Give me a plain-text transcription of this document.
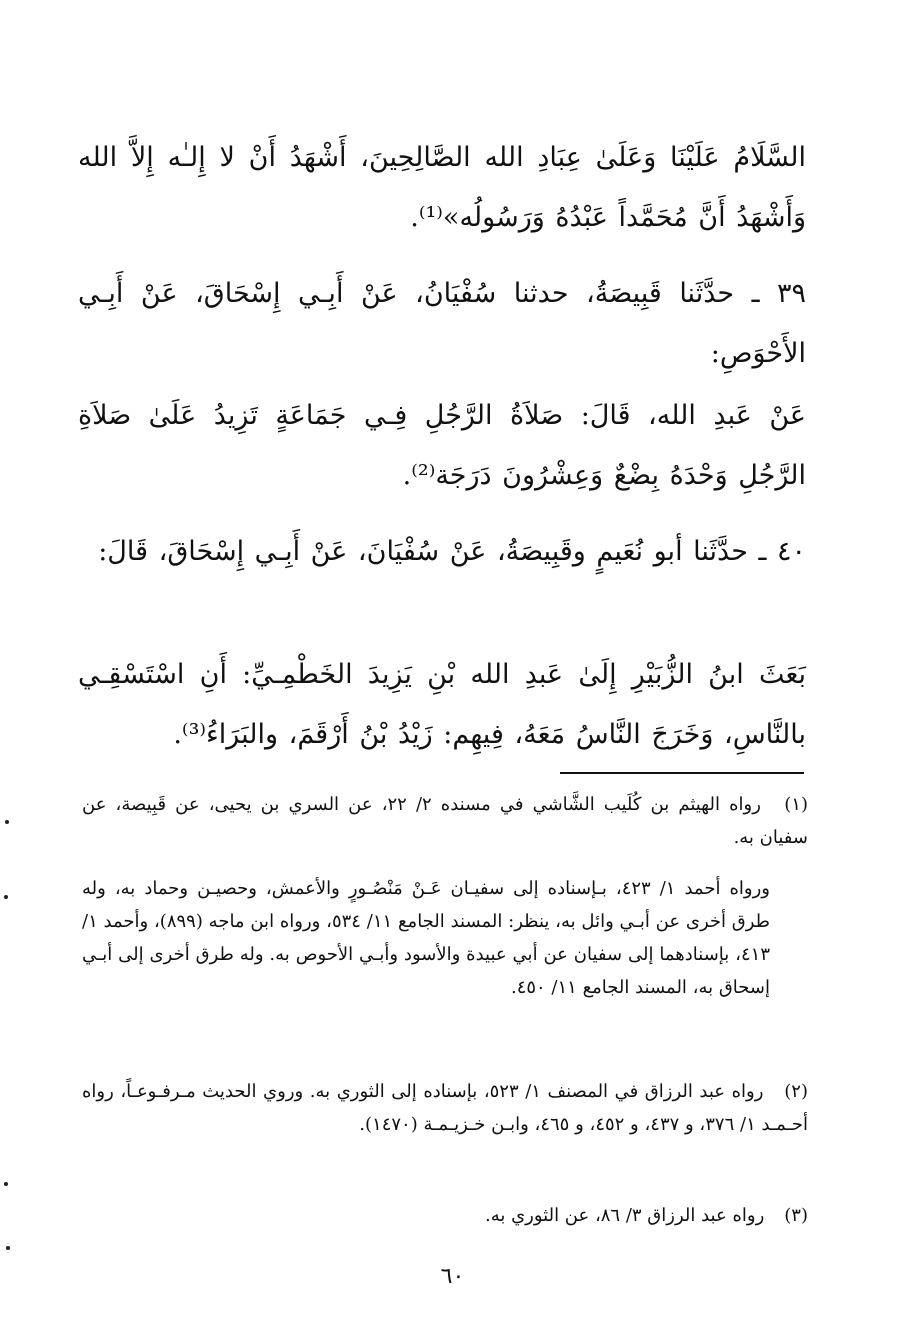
السَّلَامُ عَلَيْنَا وَعَلَىٰ عِبَادِ الله الصَّالِحِينَ، أَشْهَدُ أَنْ لا إِلـٰه إِلاَّ الله وَأَشْهَدُ أَنَّ مُحَمَّداً عَبْدُهُ وَرَسُولُه»⁽¹⁾.
٣٩ ـ حدَّثَنا قَبِيصَةُ، حدثنا سُفْيَانُ، عَنْ أَبِـي إِسْحَاقَ، عَنْ أَبِـي الأَحْوَصِ:
عَنْ عَبدِ الله، قَالَ: صَلاَةُ الرَّجُلِ فِـي جَمَاعَةٍ تَزِيدُ عَلَىٰ صَلاَةِ الرَّجُلِ وَحْدَهُ بِضْعٌ وَعِشْرُونَ دَرَجَة⁽²⁾.
٤٠ ـ حدَّثَنا أبو نُعَيمٍ وقَبِيصَةُ، عَنْ سُفْيَانَ، عَنْ أَبِـي إِسْحَاقَ، قَالَ:
بَعَثَ ابنُ الزُّبَيْرِ إِلَىٰ عَبدِ الله بْنِ يَزِيدَ الخَطْمِـيِّ: أَنِ اسْتَسْقِـي بالنَّاسِ، وَخَرَجَ النَّاسُ مَعَهُ، فِيهِم: زَيْدُ بْنُ أَرْقَمَ، والبَرَاءُ⁽³⁾.
(١) رواه الهيثم بن كُلَيب الشَّاشي في مسنده ٢/ ٢٢، عن السري بن يحيى، عن قَبِيصة، عن سفيان به.
ورواه أحمد ١/ ٤٢٣، بـإسناده إلى سفيـان عَـنْ مَنْصُـورٍ والأعمش، وحصيـن وحماد به، وله طرق أخرى عن أبـي وائل به، ينظر: المسند الجامع ١١/ ٥٣٤، ورواه ابن ماجه (٨٩٩)، وأحمد ١/ ٤١٣، بإسنادهما إلى سفيان عن أبي عبيدة والأسود وأبـي الأحوص به. وله طرق أخرى إلى أبـي إسحاق به، المسند الجامع ١١/ ٤٥٠.
(٢) رواه عبد الرزاق في المصنف ١/ ٥٢٣، بإسناده إلى الثوري به. وروي الحديث مـرفـوعـاً، رواه أحـمـد ١/ ٣٧٦، و ٤٣٧، و ٤٥٢، و ٤٦٥، وابـن خـزيـمـة (١٤٧٠).
(٣) رواه عبد الرزاق ٣/ ٨٦، عن الثوري به.
٦٠
